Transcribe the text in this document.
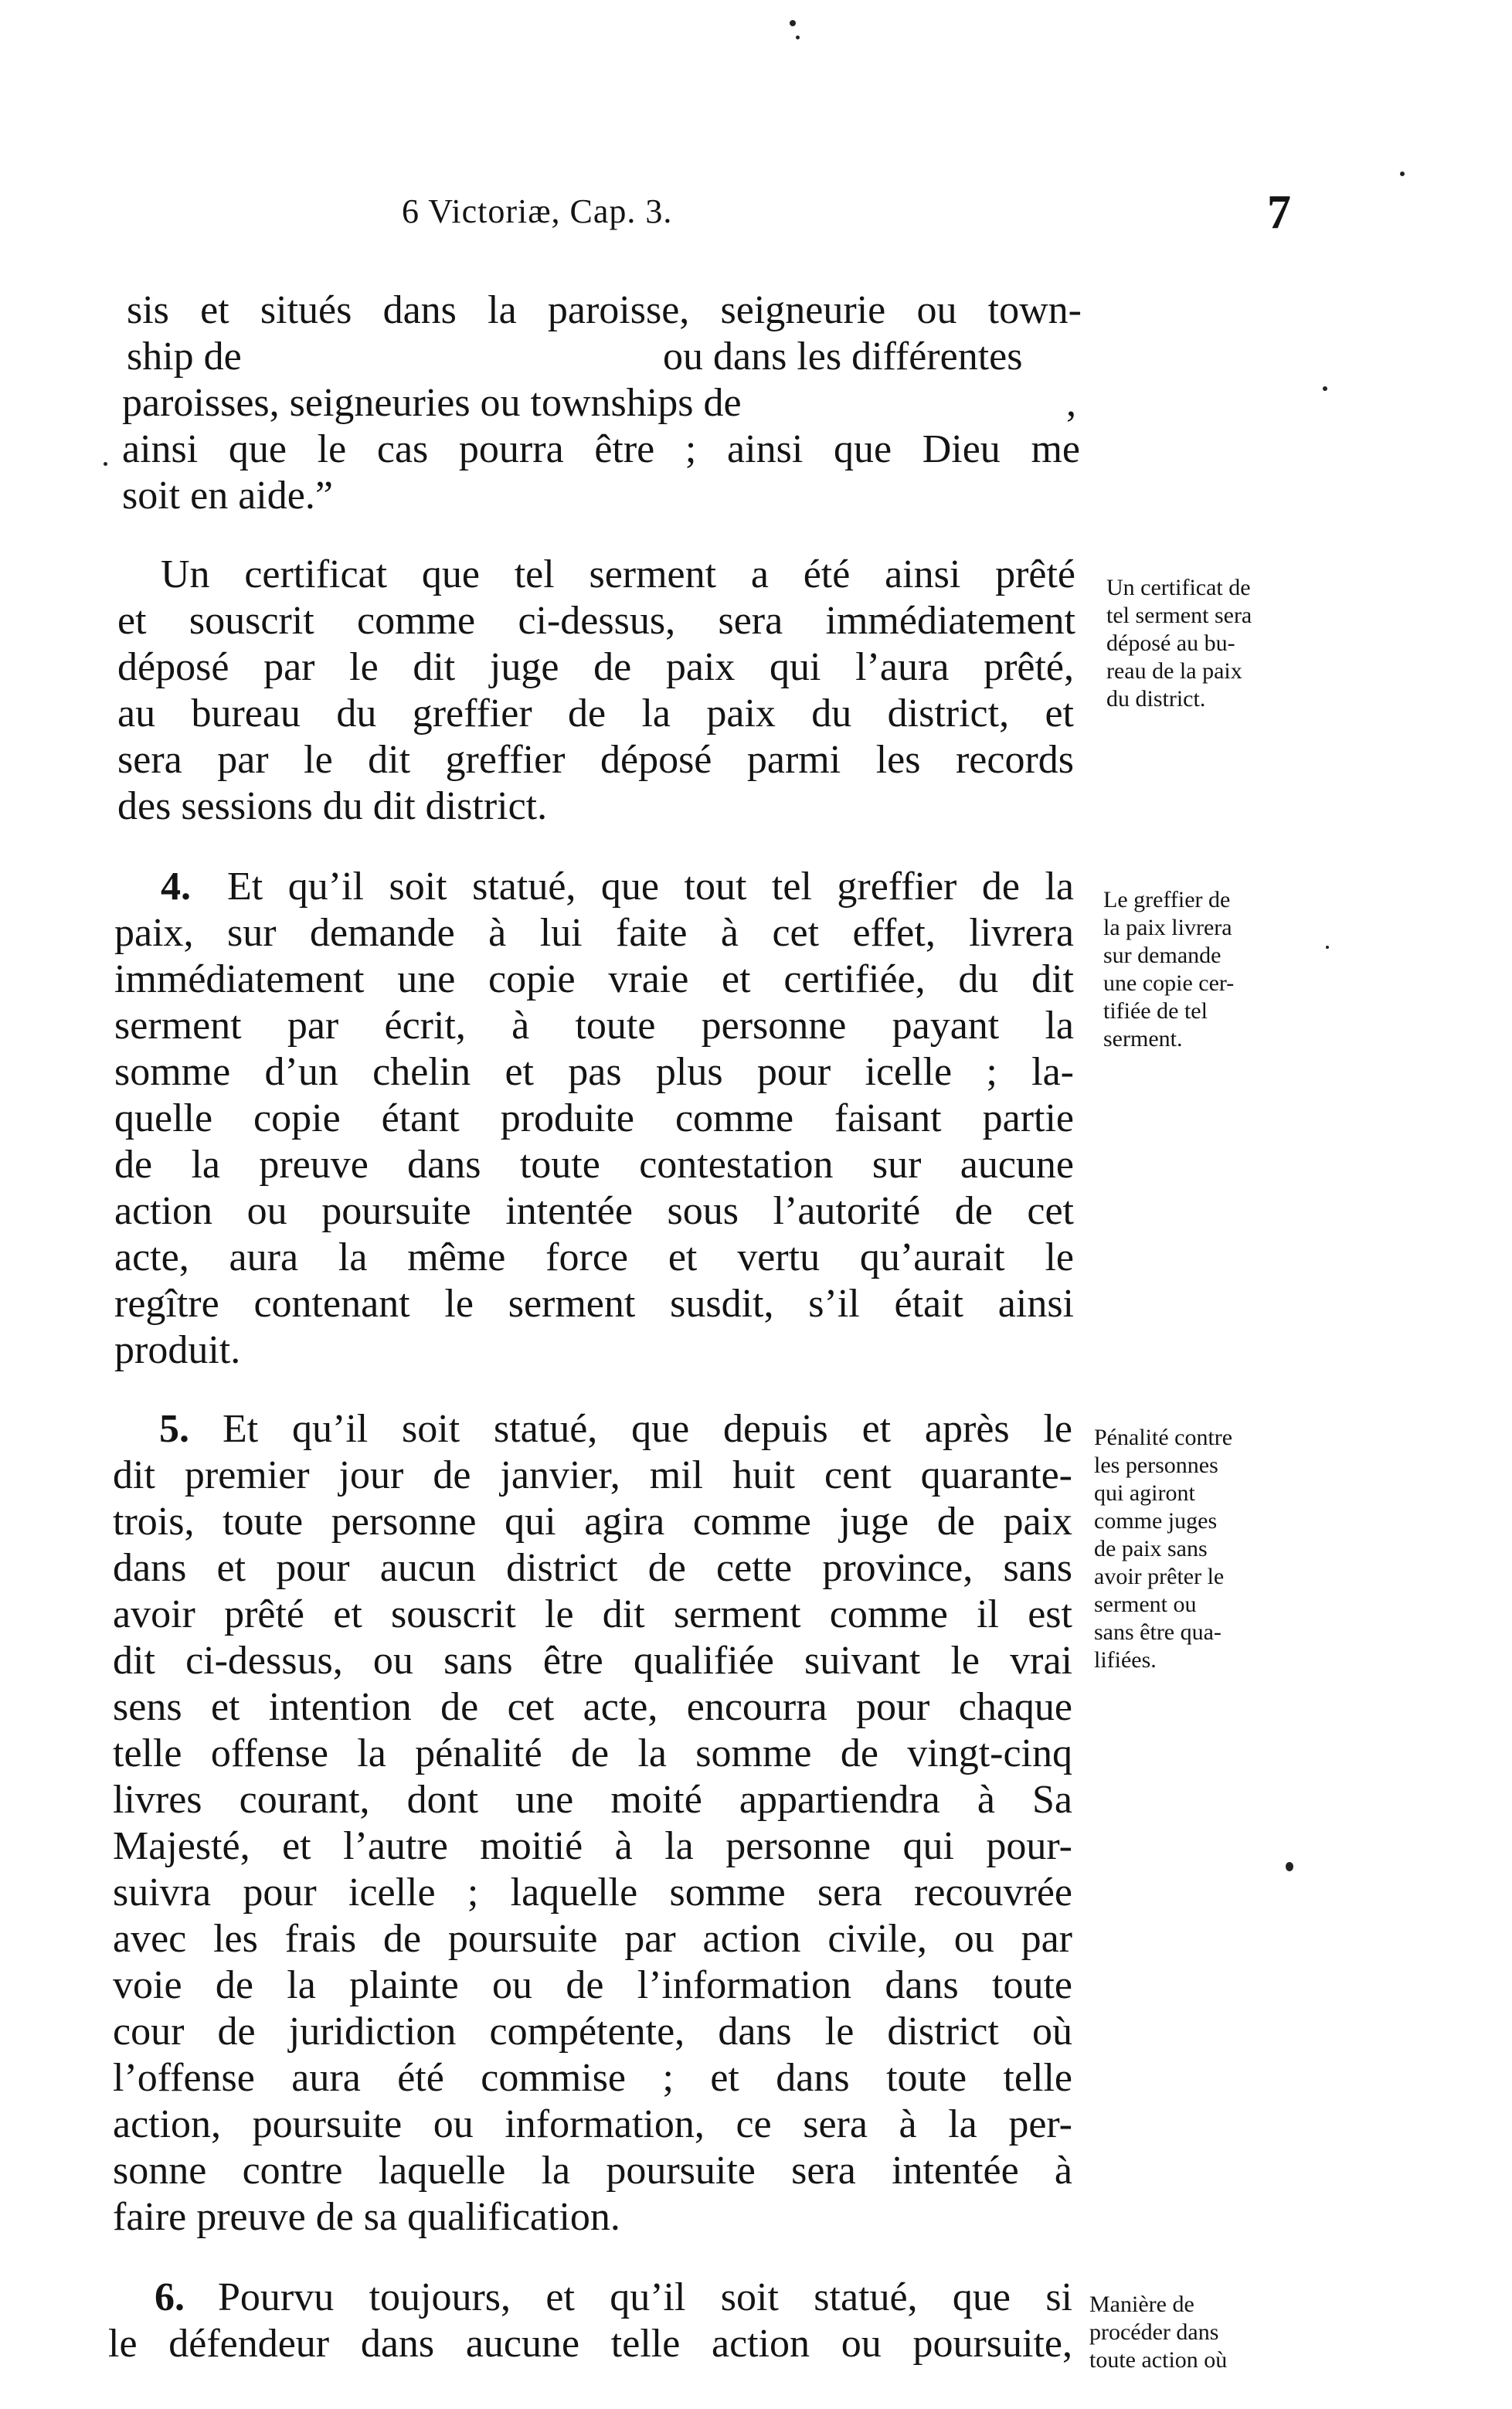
6 Victoriæ, Cap. 3.	7
sis et situés dans la paroisse, seigneurie ou town-
ship de	ou dans les différentes
paroisses, seigneuries ou townships de	,
ainsi que le cas pourra être ; ainsi que Dieu me
soit en aide.”
Un certificat que tel serment a été ainsi prêté
et souscrit comme ci-dessus, sera immédiatement
déposé par le dit juge de paix qui l’aura prêté,
au bureau du greffier de la paix du district, et
sera par le dit greffier déposé parmi les records
des sessions du dit district.
4. Et qu’il soit statué, que tout tel greffier de la
paix, sur demande à lui faite à cet effet, livrera
immédiatement une copie vraie et certifiée, du dit
serment par écrit, à toute personne payant la
somme d’un chelin et pas plus pour icelle ; la-
quelle copie étant produite comme faisant partie
de la preuve dans toute contestation sur aucune
action ou poursuite intentée sous l’autorité de cet
acte, aura la même force et vertu qu’aurait le
regître contenant le serment susdit, s’il était ainsi
produit.
5. Et qu’il soit statué, que depuis et après le
dit premier jour de janvier, mil huit cent quarante-
trois, toute personne qui agira comme juge de paix
dans et pour aucun district de cette province, sans
avoir prêté et souscrit le dit serment comme il est
dit ci-dessus, ou sans être qualifiée suivant le vrai
sens et intention de cet acte, encourra pour chaque
telle offense la pénalité de la somme de vingt-cinq
livres courant, dont une moité appartiendra à Sa
Majesté, et l’autre moitié à la personne qui pour-
suivra pour icelle ; laquelle somme sera recouvrée
avec les frais de poursuite par action civile, ou par
voie de la plainte ou de l’information dans toute
cour de juridiction compétente, dans le district où
l’offense aura été commise ; et dans toute telle
action, poursuite ou information, ce sera à la per-
sonne contre laquelle la poursuite sera intentée à
faire preuve de sa qualification.
6. Pourvu toujours, et qu’il soit statué, que si
le défendeur dans aucune telle action ou poursuite,
Un certificat de
tel serment sera
déposé au bu-
reau de la paix
du district.
Le greffier de
la paix livrera
sur demande
une copie cer-
tifiée de tel
serment.
Pénalité contre
les personnes
qui agiront
comme juges
de paix sans
avoir prêter le
serment ou
sans être qua-
lifiées.
Manière de
procéder dans
toute action où
